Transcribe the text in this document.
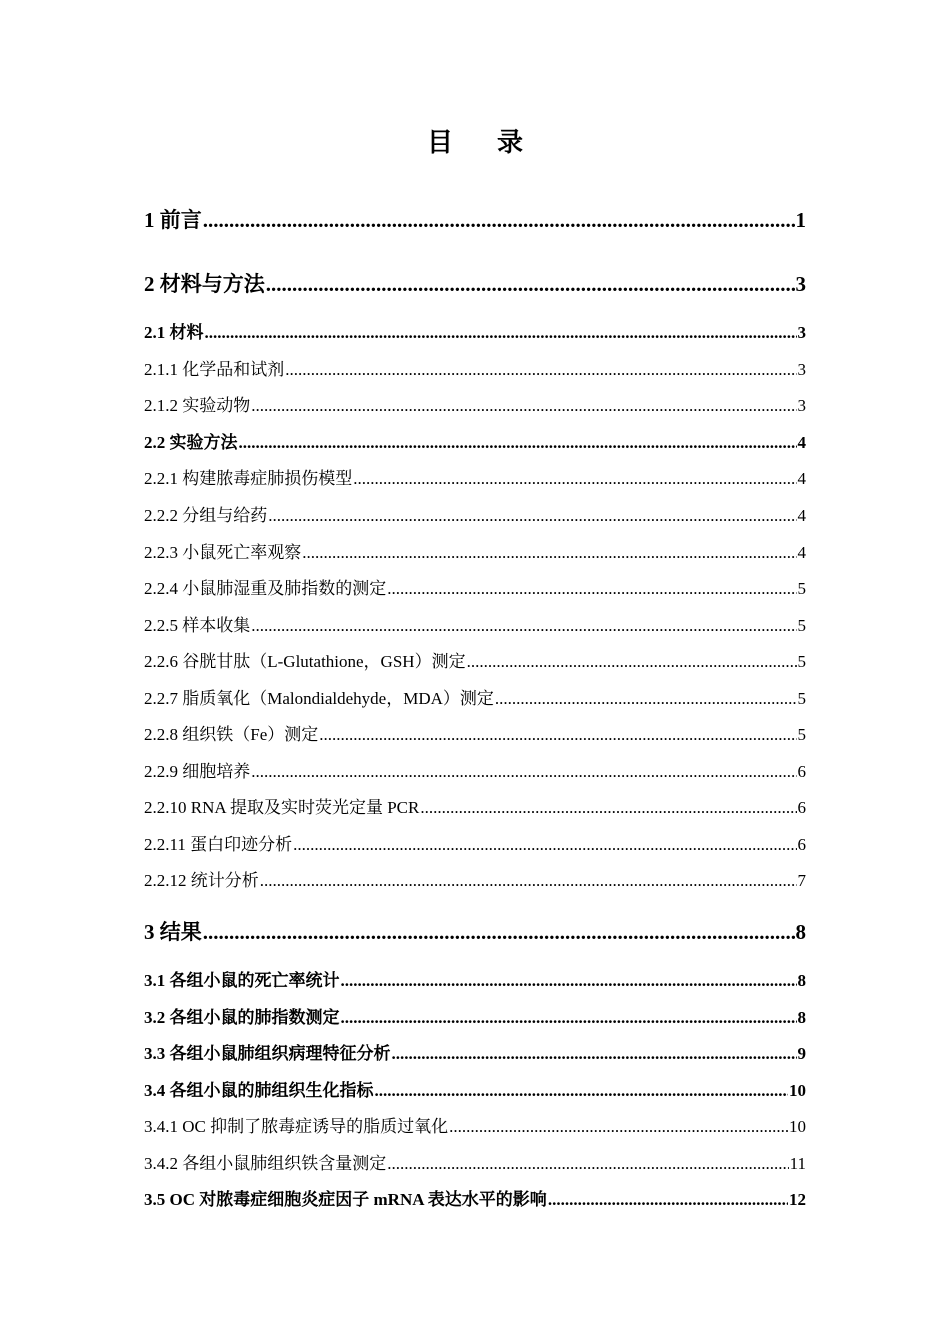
目 录
1 前言 .....	1
2 材料与方法 .....	3
2.1 材料 .....	3
2.1.1 化学品和试剂 .....	3
2.1.2 实验动物 .....	3
2.2 实验方法 .....	4
2.2.1 构建脓毒症肺损伤模型 .....	4
2.2.2 分组与给药 .....	4
2.2.3 小鼠死亡率观察 .....	4
2.2.4 小鼠肺湿重及肺指数的测定 .....	5
2.2.5 样本收集 .....	5
2.2.6 谷胱甘肽（L-Glutathione，GSH）测定 .....	5
2.2.7 脂质氧化（Malondialdehyde，MDA）测定 .....	5
2.2.8 组织铁（Fe）测定 .....	5
2.2.9 细胞培养 .....	6
2.2.10 RNA 提取及实时荧光定量 PCR .....	6
2.2.11 蛋白印迹分析 .....	6
2.2.12 统计分析 .....	7
3 结果 .....	8
3.1 各组小鼠的死亡率统计 .....	8
3.2 各组小鼠的肺指数测定 .....	8
3.3 各组小鼠肺组织病理特征分析 .....	9
3.4 各组小鼠的肺组织生化指标 .....	10
3.4.1 OC 抑制了脓毒症诱导的脂质过氧化 .....	10
3.4.2 各组小鼠肺组织铁含量测定 .....	11
3.5 OC 对脓毒症细胞炎症因子 mRNA 表达水平的影响 .....	12
